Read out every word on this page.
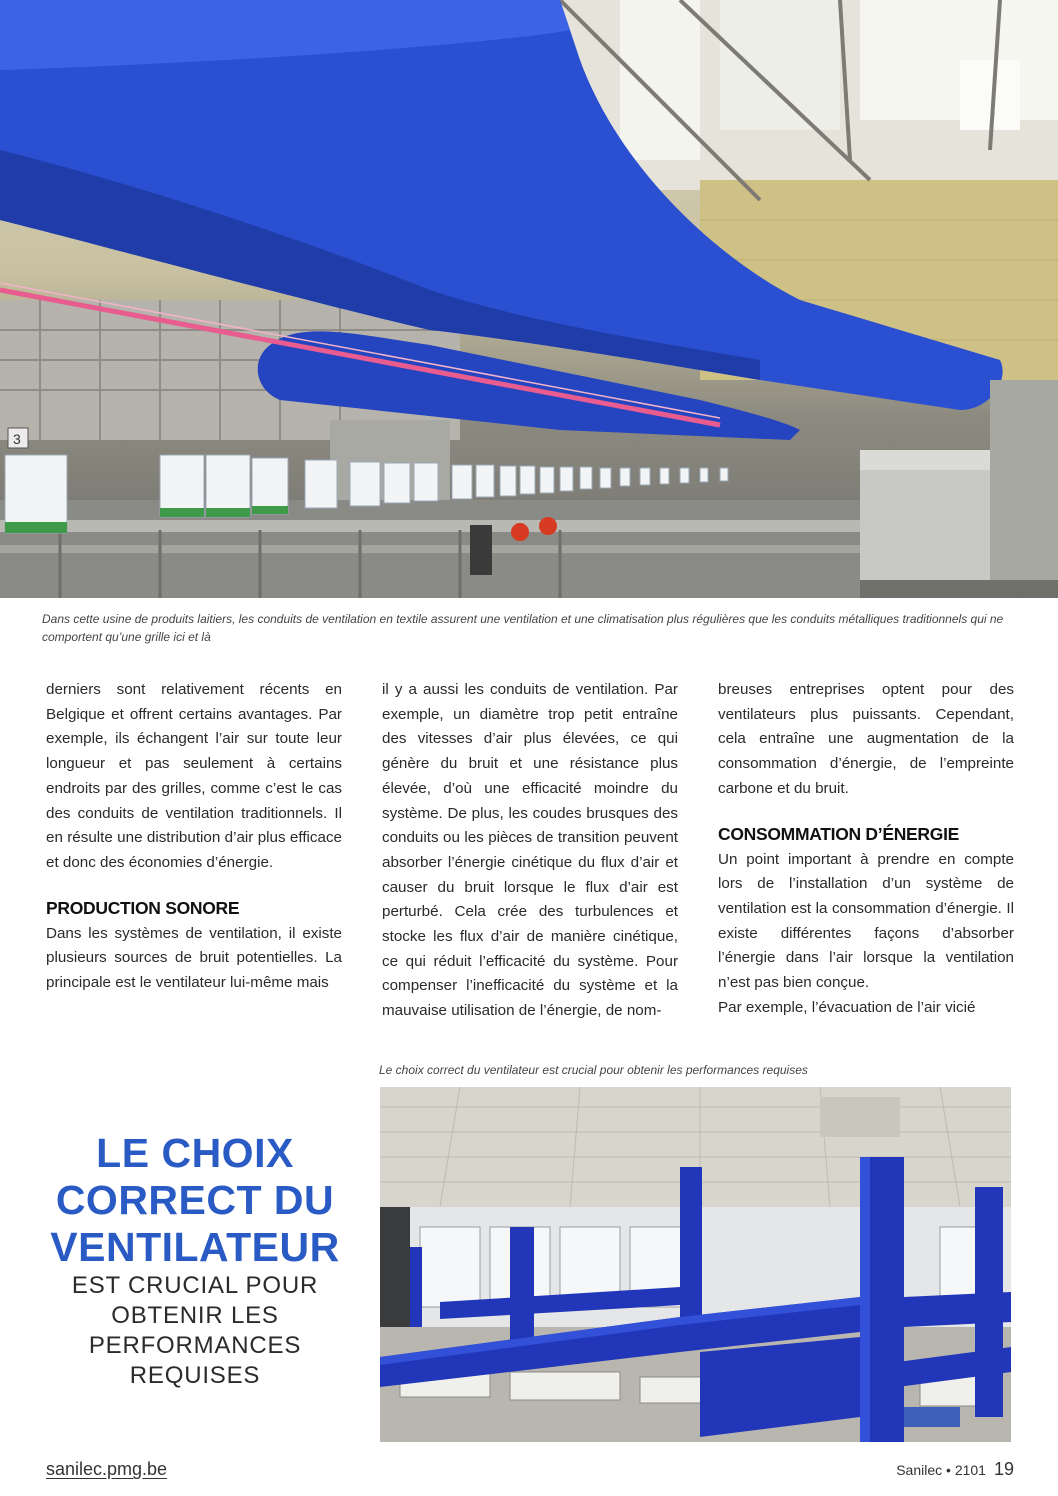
3
Dans cette usine de produits laitiers, les conduits de ventilation en textile assurent une ventilation et une climatisation plus régulières que les conduits métalliques traditionnels qui ne comportent qu’une grille ici et là

derniers sont relativement récents en Belgique et offrent certains avantages. Par exemple, ils échangent l’air sur toute leur longueur et pas seulement à certains endroits par des grilles, comme c’est le cas des conduits de ventilation traditionnels. Il en résulte une distribution d’air plus efficace et donc des économies d’énergie.

PRODUCTION SONORE

Dans les systèmes de ventilation, il existe plusieurs sources de bruit potentielles. La principale est le ventilateur lui-même mais

il y a aussi les conduits de ventilation. Par exemple, un diamètre trop petit entraîne des vitesses d’air plus élevées, ce qui génère du bruit et une résistance plus élevée, d’où une efficacité moindre du système. De plus, les coudes brusques des conduits ou les pièces de transition peuvent absorber l’énergie cinétique du flux d’air et causer du bruit lorsque le flux d’air est perturbé. Cela crée des turbulences et stocke les flux d’air de manière cinétique, ce qui réduit l’efficacité du système. Pour compenser l’inefficacité du système et la mauvaise utilisation de l’énergie, de nom-

breuses entreprises optent pour des ventilateurs plus puissants. Cependant, cela entraîne une augmentation de la consommation d’énergie, de l’empreinte carbone et du bruit.

CONSOMMATION D’ÉNERGIE

Un point important à prendre en compte lors de l’installation d’un système de ventilation est la consommation d’énergie. Il existe différentes façons d’absorber l’énergie dans l’air lorsque la ventilation n’est pas bien conçue.

Par exemple, l’évacuation de l’air vicié

Le choix correct du ventilateur est crucial pour obtenir les performances requises
LE CHOIX
CORRECT DU
VENTILATEUR
EST CRUCIAL POUR
OBTENIR LES
PERFORMANCES
REQUISES
sanilec.pmg.be	Sanilec • 2101 19
